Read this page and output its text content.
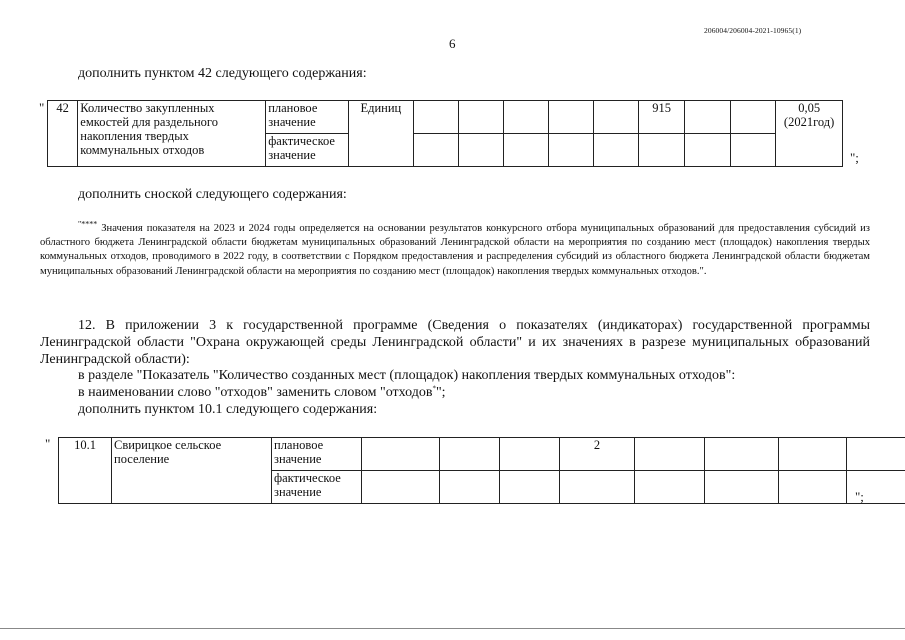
206004/206004-2021-10965(1)
6
дополнить пунктом 42 следующего содержания:
" 42	Количество закупленных емкостей для раздельного накопления твердых коммунальных отходов	плановое значение	Единиц						915			0,05 (2021год)
		фактическое значение											";
дополнить сноской следующего содержания:
"**** Значения показателя на 2023 и 2024 годы определяется на основании результатов конкурсного отбора муниципальных образований для предоставления субсидий из областного бюджета Ленинградской области бюджетам муниципальных образований Ленинградской области на мероприятия по созданию мест (площадок) накопления твердых коммунальных отходов, проводимого в 2022 году, в соответствии с Порядком предоставления и распределения субсидий из областного бюджета Ленинградской области бюджетам муниципальных образований Ленинградской области на мероприятия по созданию мест (площадок) накопления твердых коммунальных отходов.".
12. В приложении 3 к государственной программе (Сведения о показателях (индикаторах) государственной программы Ленинградской области "Охрана окружающей среды Ленинградской области" и их значениях в разрезе муниципальных образований Ленинградской области):
в разделе "Показатель "Количество созданных мест (площадок) накопления твердых коммунальных отходов":
в наименовании слово "отходов" заменить словом "отходов*";
дополнить пунктом 10.1 следующего содержания:
" 10.1	Свирицкое сельское поселение	плановое значение				2				
		фактическое значение									";
